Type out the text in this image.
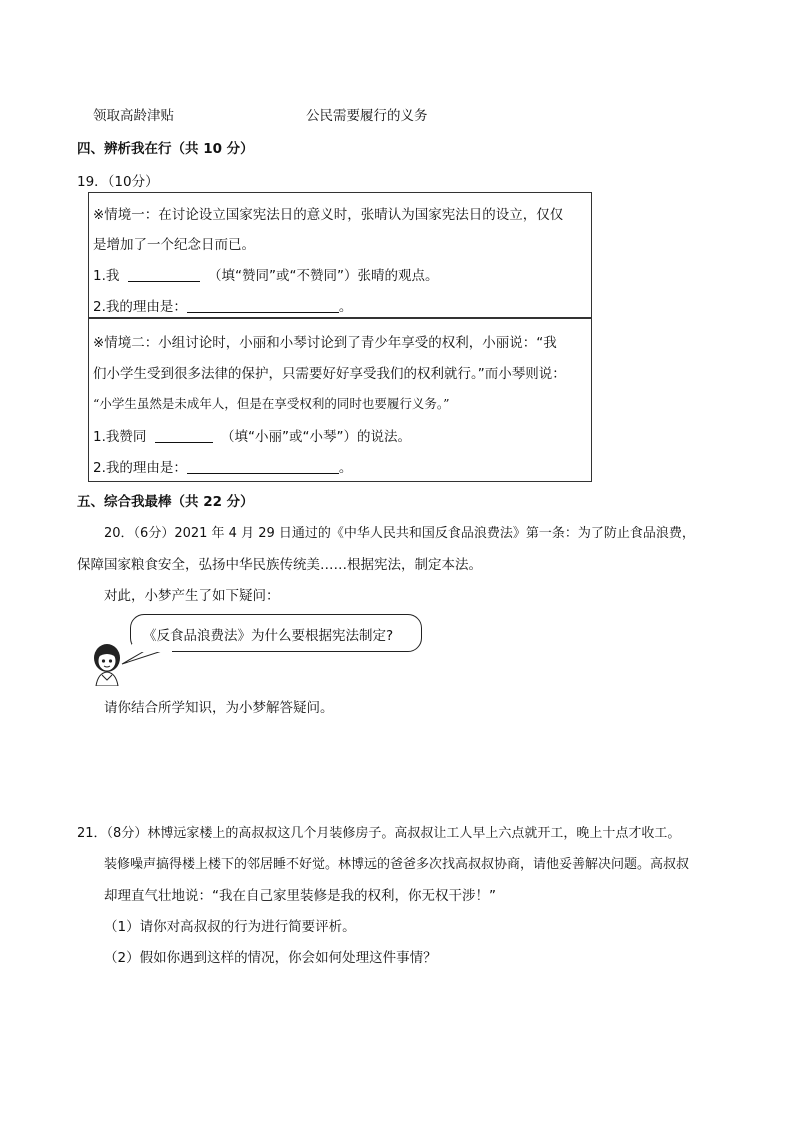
领取高龄津贴	公民需要履行的义务
四、辨析我在行（共 10 分）
19．（10分）
※情境一：在讨论设立国家宪法日的意义时，张晴认为国家宪法日的设立，仅仅
是增加了一个纪念日而已。
1.我	（填“赞同”或“不赞同”）张晴的观点。
2.我的理由是：	。
※情境二：小组讨论时，小丽和小琴讨论到了青少年享受的权利，小丽说：“我
们小学生受到很多法律的保护，只需要好好享受我们的权利就行。”而小琴则说：
“小学生虽然是未成年人，但是在享受权利的同时也要履行义务。”
1.我赞同	（填“小丽”或“小琴”）的说法。
2.我的理由是：	。
五、综合我最棒（共 22 分）
20．（6分）2021 年 4 月 29 日通过的《中华人民共和国反食品浪费法》第一条：为了防止食品浪费，
保障国家粮食安全，弘扬中华民族传统美……根据宪法，制定本法。
对此，小梦产生了如下疑问：
《反食品浪费法》为什么要根据宪法制定?
请你结合所学知识，为小梦解答疑问。
21．（8分）林博远家楼上的高叔叔这几个月装修房子。高叔叔让工人早上六点就开工，晚上十点才收工。
装修噪声搞得楼上楼下的邻居睡不好觉。林博远的爸爸多次找高叔叔协商，请他妥善解决问题。高叔叔
却理直气壮地说：“我在自己家里装修是我的权利，你无权干涉！”
（1）请你对高叔叔的行为进行简要评析。
（2）假如你遇到这样的情况，你会如何处理这件事情？
